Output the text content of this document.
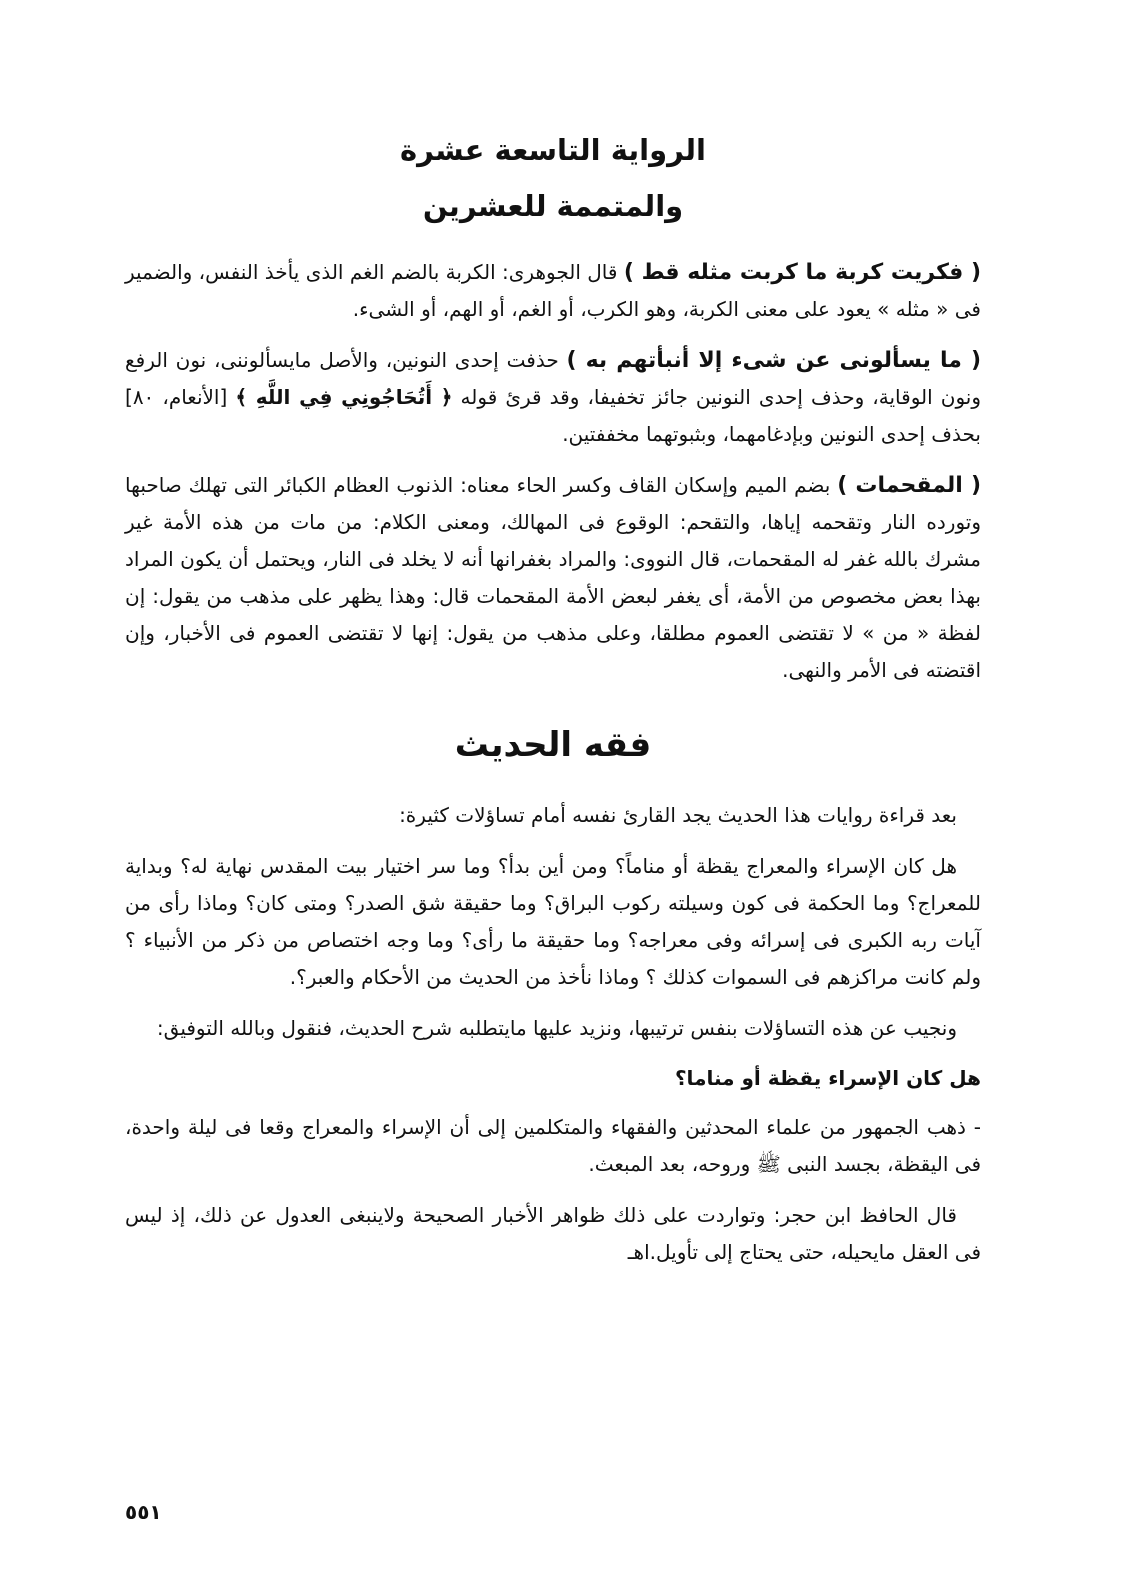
الرواية التاسعة عشرة
والمتممة للعشرين

( فكريت كربة ما كربت مثله قط ) قال الجوهرى: الكربة بالضم الغم الذى يأخذ النفس، والضمير فى « مثله » يعود على معنى الكربة، وهو الكرب، أو الغم، أو الهم، أو الشىء.

( ما يسألونى عن شىء إلا أنبأتهم به ) حذفت إحدى النونين، والأصل مايسألوننى، نون الرفع ونون الوقاية، وحذف إحدى النونين جائز تخفيفا، وقد قرئ قوله ﴿ أَتُحَاجُونِي فِي اللَّهِ ﴾ [الأنعام، ٨٠] بحذف إحدى النونين وبإدغامهما، وبثبوتهما مخففتين.

( المقحمات ) بضم الميم وإسكان القاف وكسر الحاء معناه: الذنوب العظام الكبائر التى تهلك صاحبها وتورده النار وتقحمه إياها، والتقحم: الوقوع فى المهالك، ومعنى الكلام: من مات من هذه الأمة غير مشرك بالله غفر له المقحمات، قال النووى: والمراد بغفرانها أنه لا يخلد فى النار، ويحتمل أن يكون المراد بهذا بعض مخصوص من الأمة، أى يغفر لبعض الأمة المقحمات قال: وهذا يظهر على مذهب من يقول: إن لفظة « من » لا تقتضى العموم مطلقا، وعلى مذهب من يقول: إنها لا تقتضى العموم فى الأخبار، وإن اقتضته فى الأمر والنهى.

فقه الحديث

بعد قراءة روايات هذا الحديث يجد القارئ نفسه أمام تساؤلات كثيرة:

هل كان الإسراء والمعراج يقظة أو مناماً؟ ومن أين بدأ؟ وما سر اختيار بيت المقدس نهاية له؟ وبداية للمعراج؟ وما الحكمة فى كون وسيلته ركوب البراق؟ وما حقيقة شق الصدر؟ ومتى كان؟ وماذا رأى من آيات ربه الكبرى فى إسرائه وفى معراجه؟ وما حقيقة ما رأى؟ وما وجه اختصاص من ذكر من الأنبياء ؟ ولم كانت مراكزهم فى السموات كذلك ؟ وماذا نأخذ من الحديث من الأحكام والعبر؟.

ونجيب عن هذه التساؤلات بنفس ترتيبها، ونزيد عليها مايتطلبه شرح الحديث، فنقول وبالله التوفيق:

هل كان الإسراء يقظة أو مناما؟

- ذهب الجمهور من علماء المحدثين والفقهاء والمتكلمين إلى أن الإسراء والمعراج وقعا فى ليلة واحدة، فى اليقظة، بجسد النبى ﷺ وروحه، بعد المبعث.

قال الحافظ ابن حجر: وتواردت على ذلك ظواهر الأخبار الصحيحة ولاينبغى العدول عن ذلك، إذ ليس فى العقل مايحيله، حتى يحتاج إلى تأويل.اهـ

٥٥١
